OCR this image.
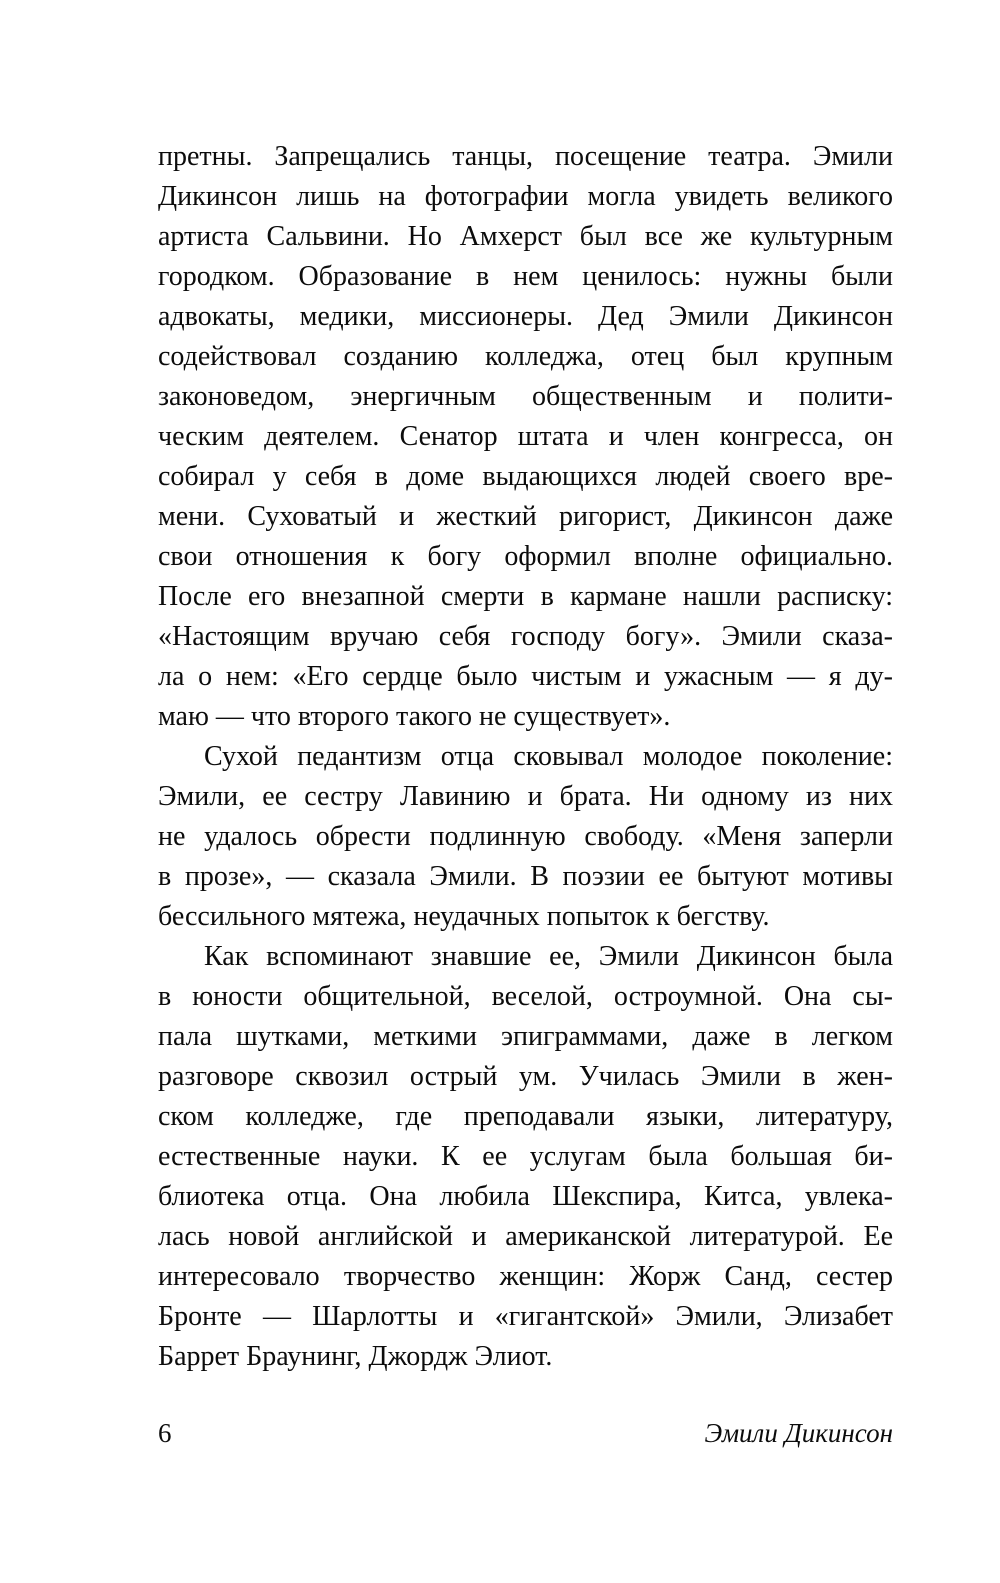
претны. Запрещались танцы, посещение театра. Эмили
Дикинсон лишь на фотографии могла увидеть великого
артиста Сальвини. Но Амхерст был все же культурным
городком. Образование в нем ценилось: нужны были
адвокаты, медики, миссионеры. Дед Эмили Дикинсон
содействовал созданию колледжа, отец был крупным
законоведом, энергичным общественным и полити-
ческим деятелем. Сенатор штата и член конгресса, он
собирал у себя в доме выдающихся людей своего вре-
мени. Суховатый и жесткий ригорист, Дикинсон даже
свои отношения к богу оформил вполне официально.
После его внезапной смерти в кармане нашли расписку:
«Настоящим вручаю себя господу богу». Эмили сказа-
ла о нем: «Его сердце было чистым и ужасным — я ду-
маю — что второго такого не существует».
Сухой педантизм отца сковывал молодое поколение:
Эмили, ее сестру Лавинию и брата. Ни одному из них
не удалось обрести подлинную свободу. «Меня заперли
в прозе», — сказала Эмили. В поэзии ее бытуют мотивы
бессильного мятежа, неудачных попыток к бегству.
Как вспоминают знавшие ее, Эмили Дикинсон была
в юности общительной, веселой, остроумной. Она сы-
пала шутками, меткими эпиграммами, даже в легком
разговоре сквозил острый ум. Училась Эмили в жен-
ском колледже, где преподавали языки, литературу,
естественные науки. К ее услугам была большая би-
блиотека отца. Она любила Шекспира, Китса, увлека-
лась новой английской и американской литературой. Ее
интересовало творчество женщин: Жорж Санд, сестер
Бронте — Шарлотты и «гигантской» Эмили, Элизабет
Баррет Браунинг, Джордж Элиот.
6	Эмили Дикинсон
